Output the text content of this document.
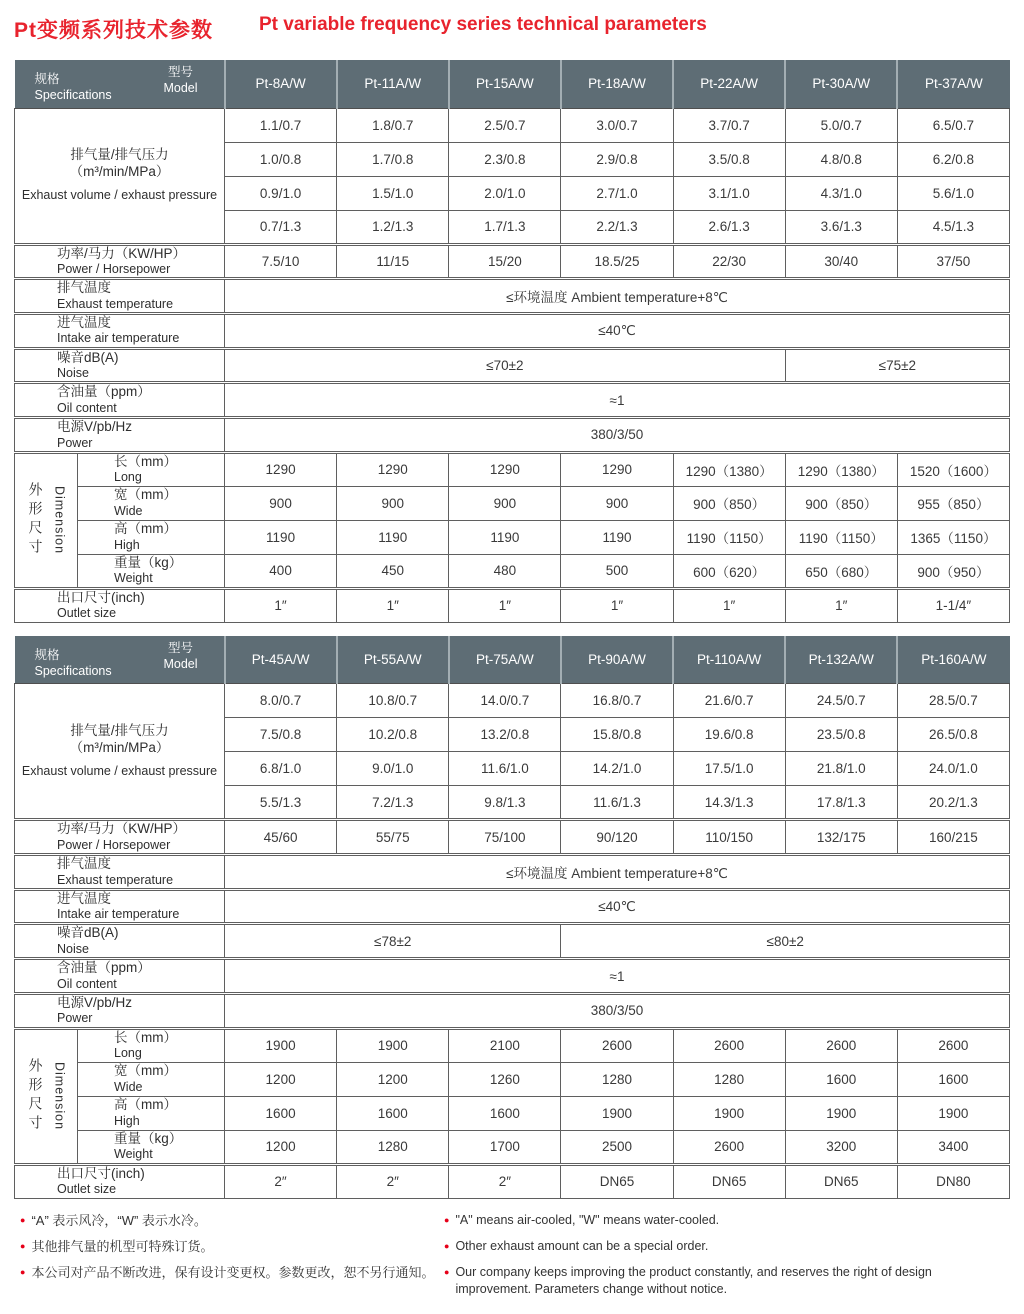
Pt变频系列技术参数 Pt variable frequency series technical parameters
型号
Model
规格
Specifications		Pt-8A/W	Pt-11A/W	Pt-15A/W	Pt-18A/W	Pt-22A/W	Pt-30A/W	Pt-37A/W

排气量/排气压力
（m³/min/MPa）
Exhaust volume / exhaust pressure		1.1/0.7	1.8/0.7	2.5/0.7	3.0/0.7	3.7/0.7	5.0/0.7	6.5/0.7
		1.0/0.8	1.7/0.8	2.3/0.8	2.9/0.8	3.5/0.8	4.8/0.8	6.2/0.8
		0.9/1.0	1.5/1.0	2.0/1.0	2.7/1.0	3.1/1.0	4.3/1.0	5.6/1.0
		0.7/1.3	1.2/1.3	1.7/1.3	2.2/1.3	2.6/1.3	3.6/1.3	4.5/1.3

功率/马力（KW/HP）
Power / Horsepower		7.5/10	11/15	15/20	18.5/25	22/30	30/40	37/50

排气温度
Exhaust temperature		≤环境温度 Ambient temperature+8℃						

进气温度
Intake air temperature		≤40℃						

噪音dB(A)
Noise		≤70±2					≤75±2	

含油量（ppm）
Oil content		≈1						

电源V/pb/Hz
Power		380/3/50						

外形尺寸 Dimension	长（mm）
Long	1290	1290	1290	1290	1290（1380）	1290（1380）	1520（1600）

	宽（mm）
Wide	900	900	900	900	900（850）	900（850）	955（850）

	高（mm）
High	1190	1190	1190	1190	1190（1150）	1190（1150）	1365（1150）

	重量（kg）
Weight	400	450	480	500	600（620）	650（680）	900（950）

出口尺寸(inch)
Outlet size		1″	1″	1″	1″	1″	1″	1-1/4″
型号
Model
规格
Specifications		Pt-45A/W	Pt-55A/W	Pt-75A/W	Pt-90A/W	Pt-110A/W	Pt-132A/W	Pt-160A/W

排气量/排气压力
（m³/min/MPa）
Exhaust volume / exhaust pressure		8.0/0.7	10.8/0.7	14.0/0.7	16.8/0.7	21.6/0.7	24.5/0.7	28.5/0.7
		7.5/0.8	10.2/0.8	13.2/0.8	15.8/0.8	19.6/0.8	23.5/0.8	26.5/0.8
		6.8/1.0	9.0/1.0	11.6/1.0	14.2/1.0	17.5/1.0	21.8/1.0	24.0/1.0
		5.5/1.3	7.2/1.3	9.8/1.3	11.6/1.3	14.3/1.3	17.8/1.3	20.2/1.3

功率/马力（KW/HP）
Power / Horsepower		45/60	55/75	75/100	90/120	110/150	132/175	160/215

排气温度
Exhaust temperature		≤环境温度 Ambient temperature+8℃						

进气温度
Intake air temperature		≤40℃						

噪音dB(A)
Noise		≤78±2			≤80±2			

含油量（ppm）
Oil content		≈1						

电源V/pb/Hz
Power		380/3/50						

外形尺寸 Dimension	长（mm）
Long	1900	1900	2100	2600	2600	2600	2600

	宽（mm）
Wide	1200	1200	1260	1280	1280	1600	1600

	高（mm）
High	1600	1600	1600	1900	1900	1900	1900

	重量（kg）
Weight	1200	1280	1700	2500	2600	3200	3400

出口尺寸(inch)
Outlet size		2″	2″	2″	DN65	DN65	DN65	DN80
● “A” 表示风冷，“W” 表示水冷。
● 其他排气量的机型可特殊订货。
● 本公司对产品不断改进，保有设计变更权。参数更改，恕不另行通知。
● "A" means air-cooled, "W" means water-cooled.
● Other exhaust amount can be a special order.
● Our company keeps improving the product constantly, and reserves the right of design improvement. Parameters change without notice.
